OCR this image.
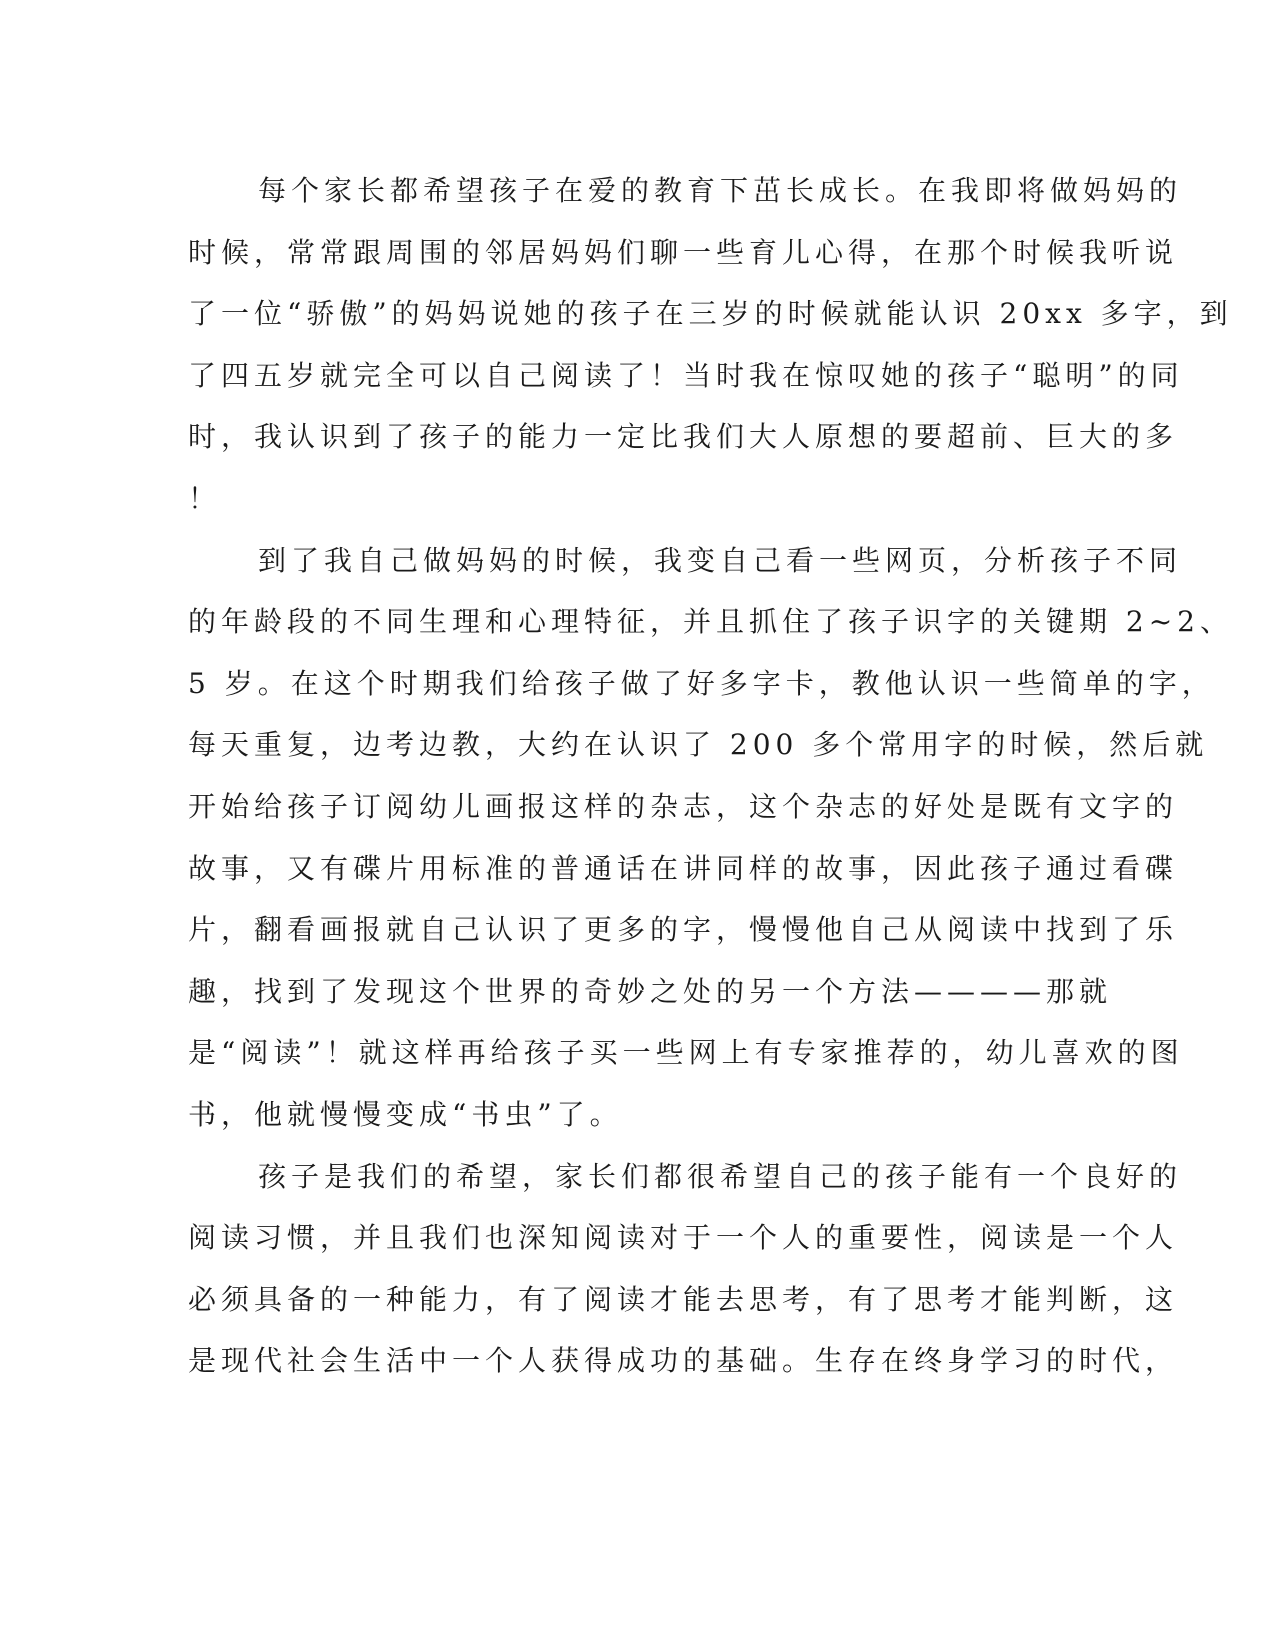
每个家长都希望孩子在爱的教育下茁长成长。在我即将做妈妈的
时候，常常跟周围的邻居妈妈们聊一些育儿心得，在那个时候我听说
了一位“骄傲”的妈妈说她的孩子在三岁的时候就能认识 20xx 多字，到
了四五岁就完全可以自己阅读了！当时我在惊叹她的孩子“聪明”的同
时，我认识到了孩子的能力一定比我们大人原想的要超前、巨大的多
！
到了我自己做妈妈的时候，我变自己看一些网页，分析孩子不同
的年龄段的不同生理和心理特征，并且抓住了孩子识字的关键期 2~2、
5 岁。在这个时期我们给孩子做了好多字卡，教他认识一些简单的字，
每天重复，边考边教，大约在认识了 200 多个常用字的时候，然后就
开始给孩子订阅幼儿画报这样的杂志，这个杂志的好处是既有文字的
故事，又有碟片用标准的普通话在讲同样的故事，因此孩子通过看碟
片，翻看画报就自己认识了更多的字，慢慢他自己从阅读中找到了乐
趣，找到了发现这个世界的奇妙之处的另一个方法————那就
是“阅读”！就这样再给孩子买一些网上有专家推荐的，幼儿喜欢的图
书，他就慢慢变成“书虫”了。
孩子是我们的希望，家长们都很希望自己的孩子能有一个良好的
阅读习惯，并且我们也深知阅读对于一个人的重要性，阅读是一个人
必须具备的一种能力，有了阅读才能去思考，有了思考才能判断，这
是现代社会生活中一个人获得成功的基础。生存在终身学习的时代，
